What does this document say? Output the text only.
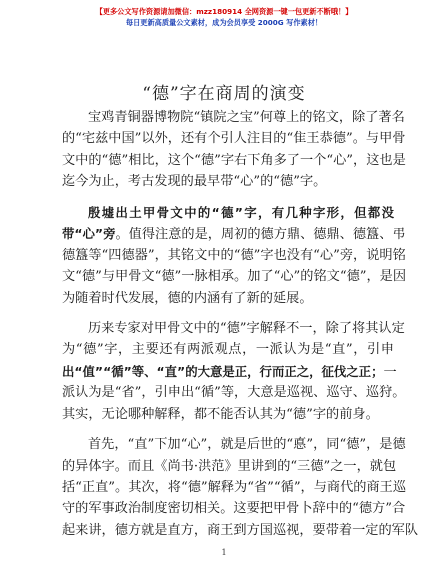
【更多公文写作资源请加微信：mzz180914 全网资源一键一包更新不断哦！】
每日更新高质量公文素材，成为会员享受 2000G 写作素材！
“德”字在商周的演变
宝鸡青铜器博物院“镇院之宝”何尊上的铭文，除了著名
的“宅兹中国”以外，还有个引人注目的“隹王恭德”。与甲骨
文中的“德”相比，这个“德”字右下角多了一个“心”，这也是
迄今为止，考古发现的最早带“心”的“德”字。
殷墟出土甲骨文中的“德”字，有几种字形，但都没
带“心”旁。值得注意的是，周初的德方鼎、德鼎、德簋、弔
德簋等“四德器”，其铭文中的“德”字也没有“心”旁，说明铭
文“德”与甲骨文“德”一脉相承。加了“心”的铭文“德”，是因
为随着时代发展，德的内涵有了新的延展。
历来专家对甲骨文中的“德”字解释不一，除了将其认定
为“德”字，主要还有两派观点，一派认为是“直”，引申
出“值”“循”等、“直”的大意是正，行而正之，征伐之正；一
派认为是“省”，引申出“循”等，大意是巡视、巡守、巡狩。
其实，无论哪种解释，都不能否认其为“德”字的前身。
首先，“直”下加“心”，就是后世的“悳”，同“德”，是德
的异体字。而且《尚书·洪范》里讲到的“三德”之一，就包
括“正直”。其次，将“德”解释为“省”“循”，与商代的商王巡
守的军事政治制度密切相关。这要把甲骨卜辞中的“德方”合
起来讲，德方就是直方，商王到方国巡视，要带着一定的军队
1
